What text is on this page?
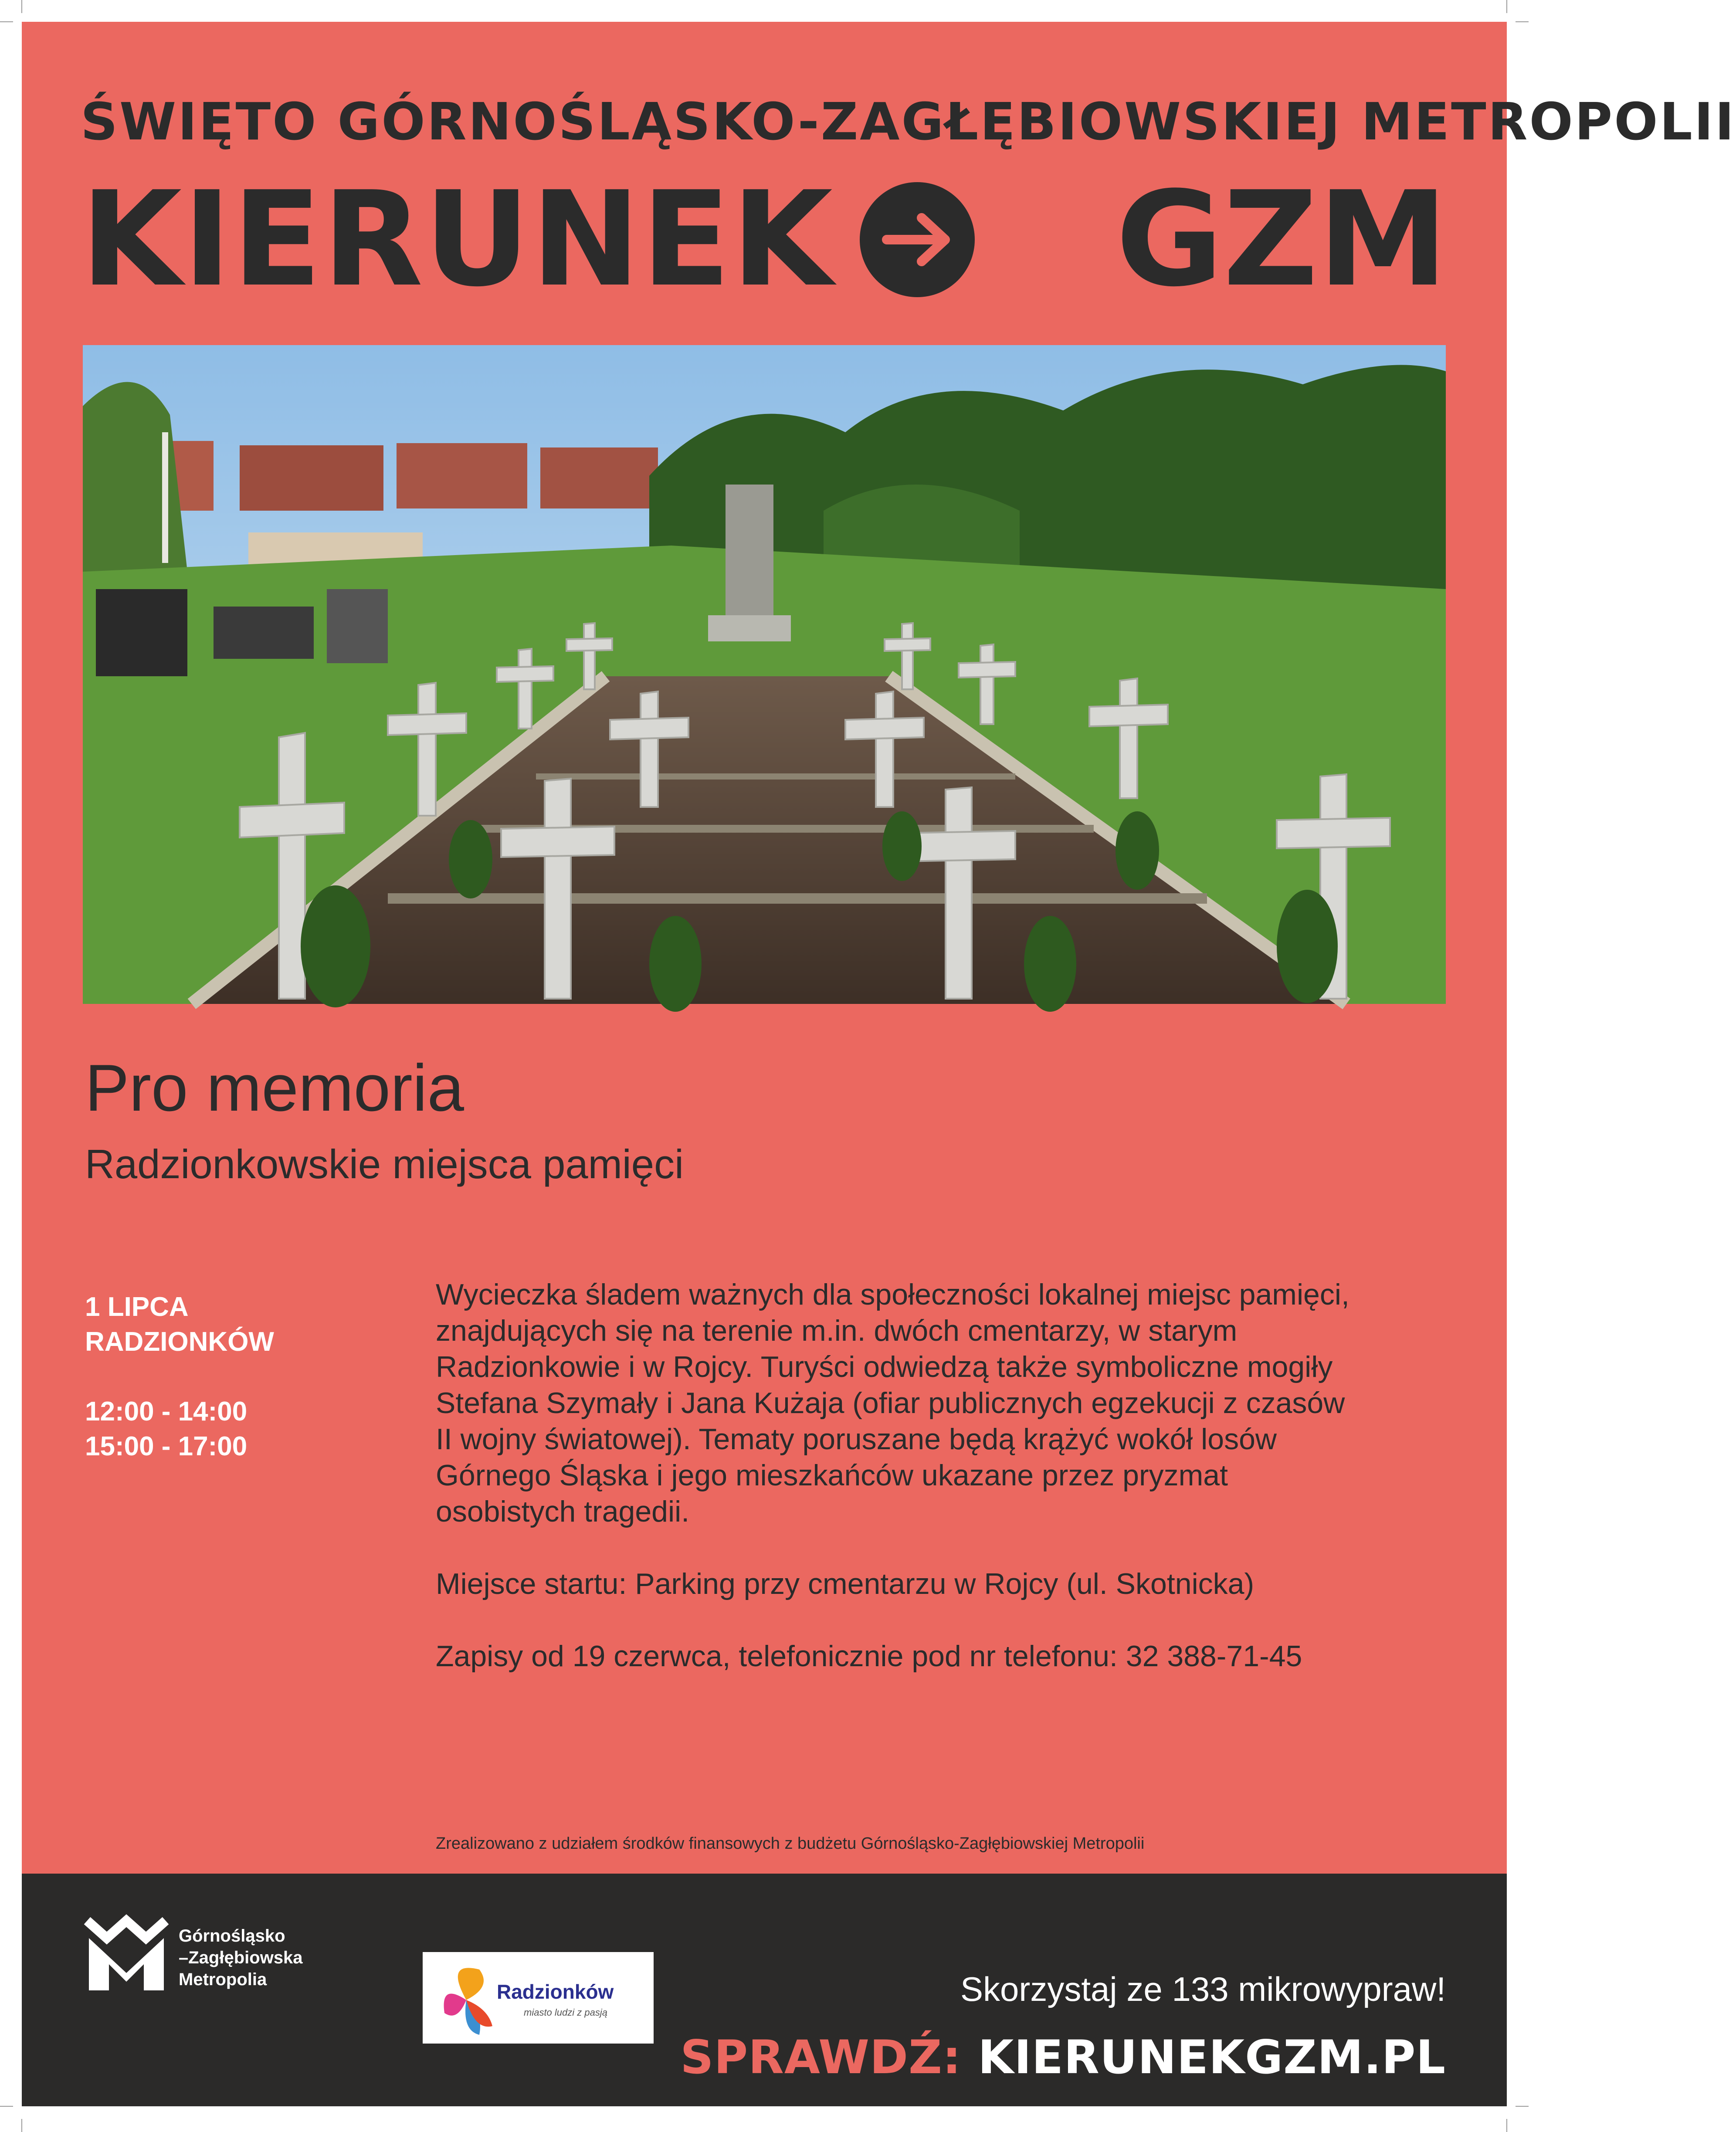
ŚWIĘTO GÓRNOŚLĄSKO-ZAGŁĘBIOWSKIEJ METROPOLII
KIERUNEK GZM
Pro memoria
Radzionkowskie miejsca pamięci
1 LIPCA
RADZIONKÓW
12:00 - 14:00
15:00 - 17:00

Wycieczka śladem ważnych dla społeczności lokalnej miejsc pamięci,

znajdujących się na terenie m.in. dwóch cmentarzy, w starym

Radzionkowie i w Rojcy. Turyści odwiedzą także symboliczne mogiły

Stefana Szymały i Jana Kużaja (ofiar publicznych egzekucji z czasów

II wojny światowej). Tematy poruszane będą krążyć wokół losów

Górnego Śląska i jego mieszkańców ukazane przez pryzmat

osobistych tragedii.

Miejsce startu: Parking przy cmentarzu w Rojcy (ul. Skotnicka)

Zapisy od 19 czerwca, telefonicznie pod nr telefonu: 32 388-71-45

Zrealizowano z udziałem środków finansowych z budżetu Górnośląsko-Zagłębiowskiej Metropolii
Górnośląsko
–Zagłębiowska
Metropolia
Radzionków
miasto ludzi z pasją
Skorzystaj ze 133 mikrowypraw!
SPRAWDŹ: KIERUNEKGZM.PL
